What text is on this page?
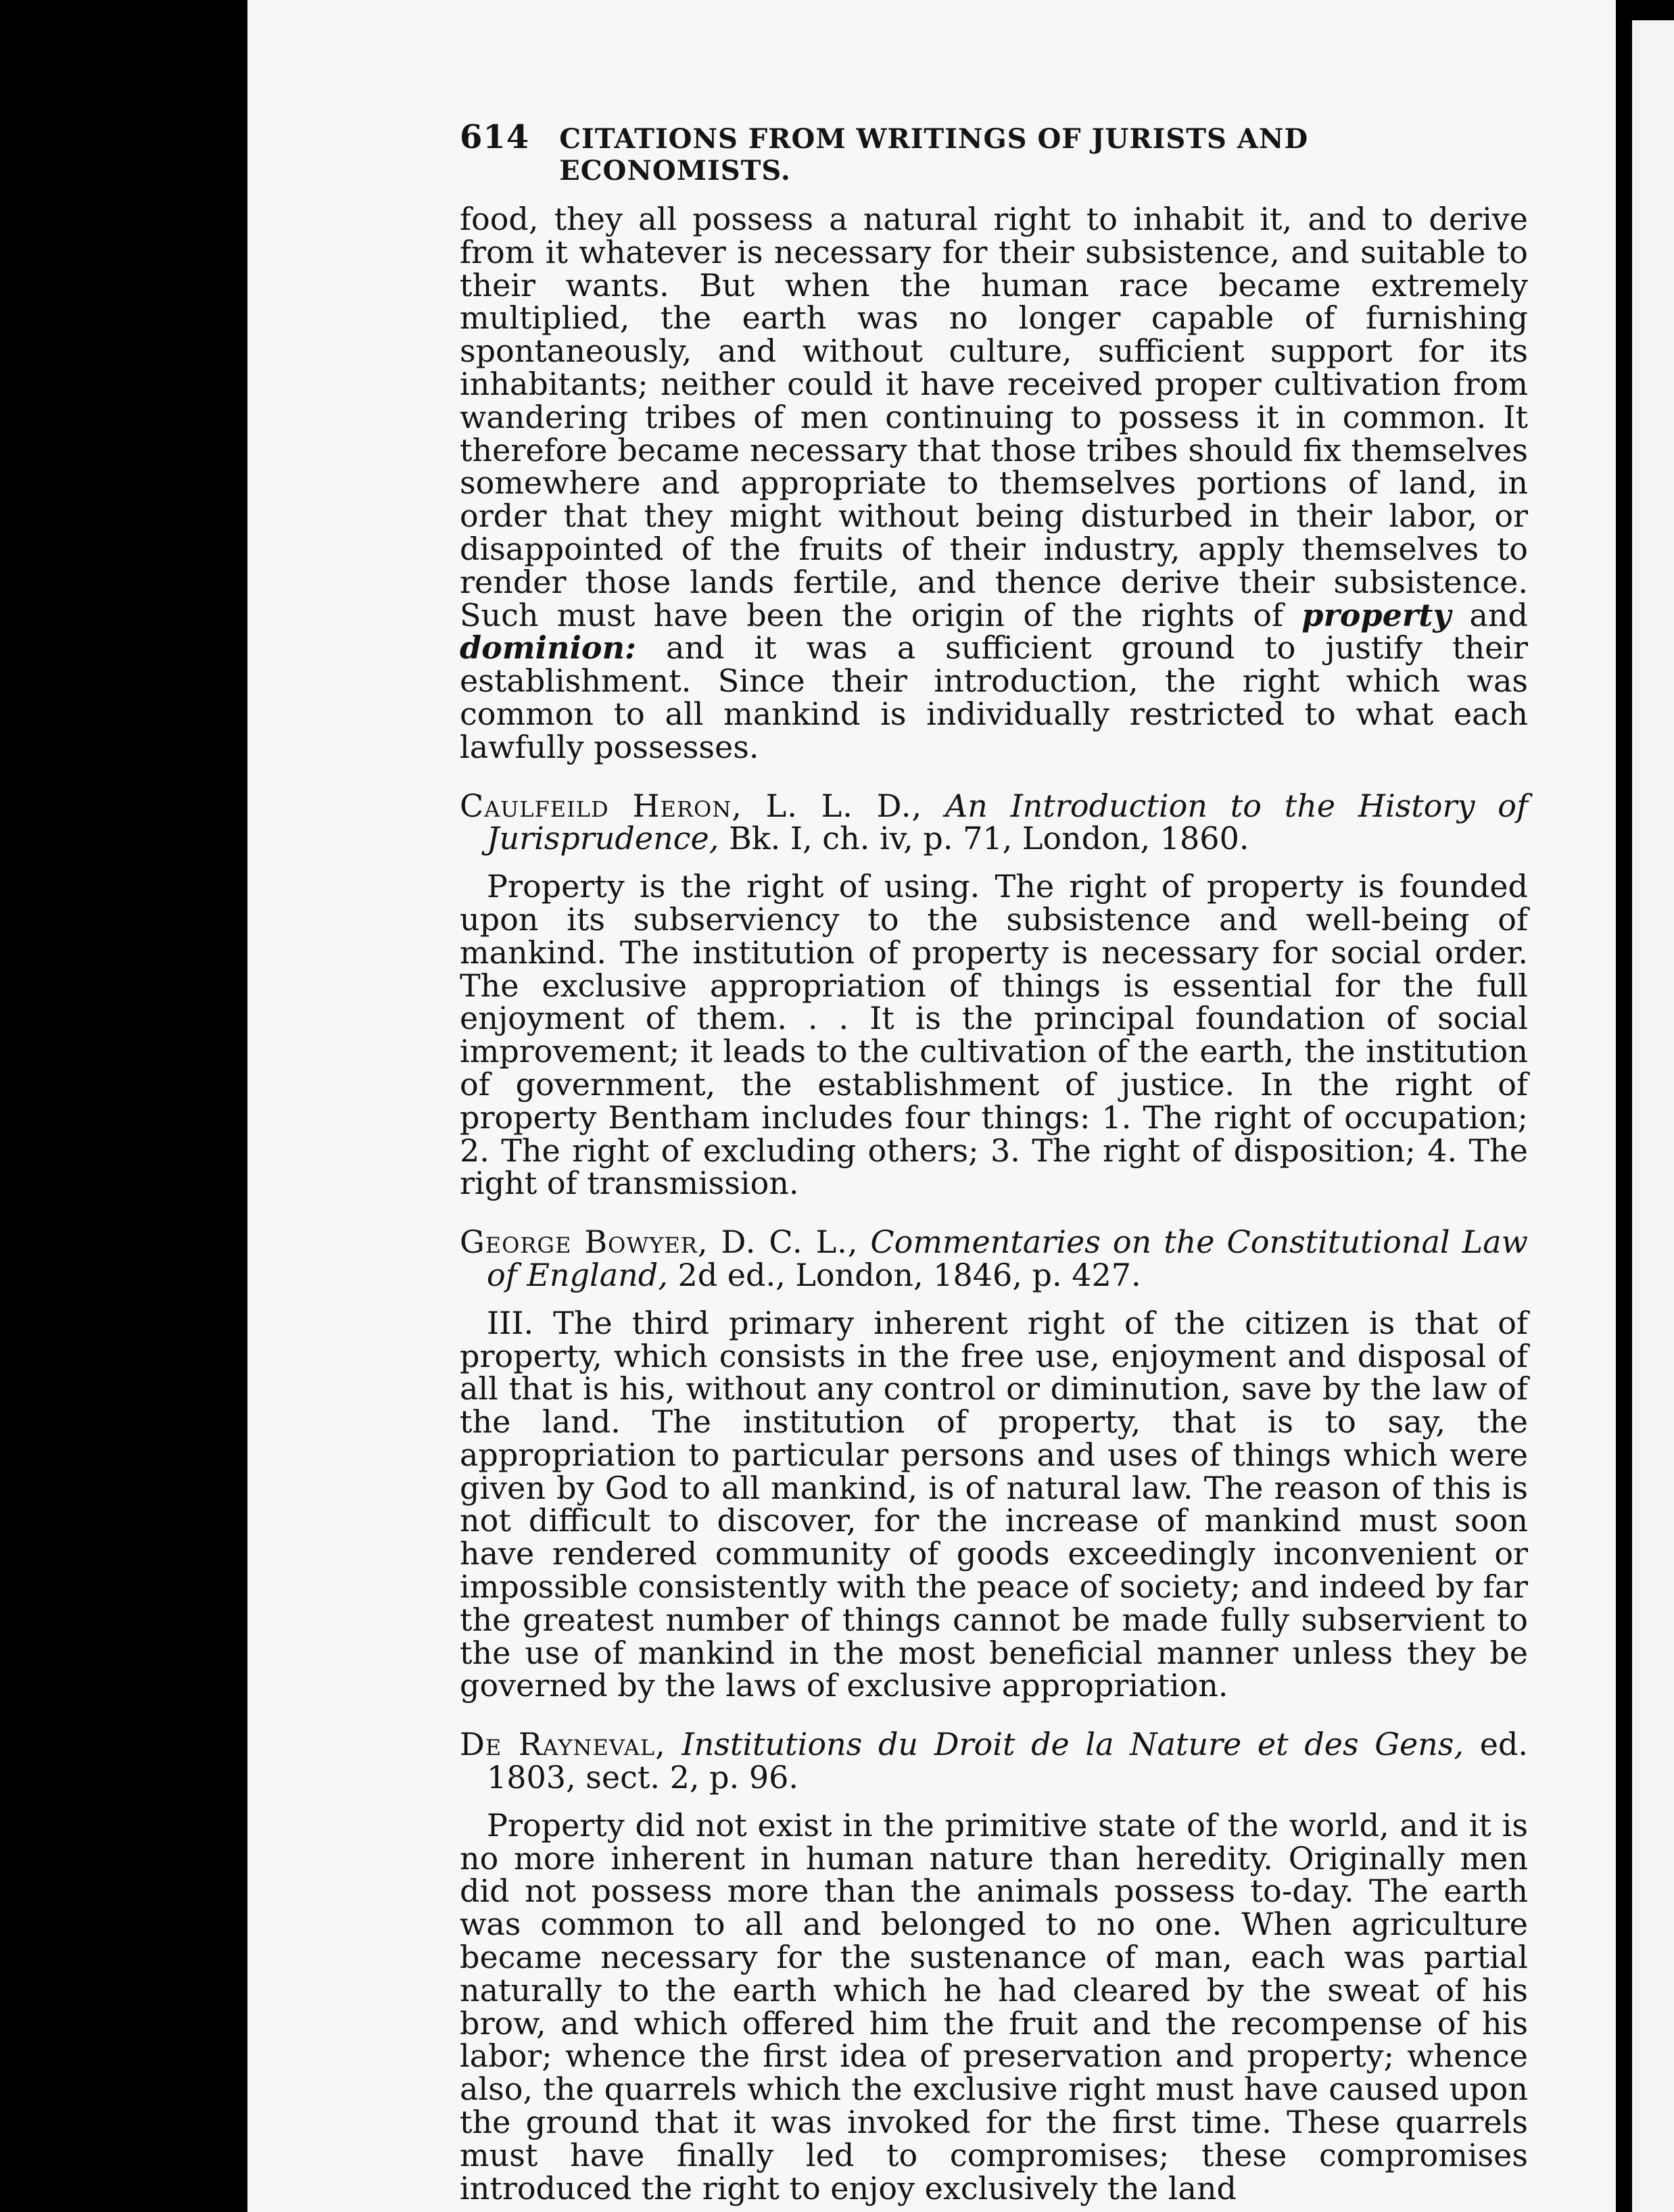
614 CITATIONS FROM WRITINGS OF JURISTS AND ECONOMISTS.

food, they all possess a natural right to inhabit it, and to derive from it whatever is necessary for their subsistence, and suitable to their wants. But when the human race became extremely multiplied, the earth was no longer capable of furnishing spontaneously, and without culture, sufficient support for its inhabitants; neither could it have received proper cultivation from wandering tribes of men continuing to possess it in common. It therefore became necessary that those tribes should fix themselves somewhere and appropriate to themselves portions of land, in order that they might without being disturbed in their labor, or disappointed of the fruits of their industry, apply themselves to render those lands fertile, and thence derive their subsistence. Such must have been the origin of the rights of property and dominion: and it was a sufficient ground to justify their establishment. Since their introduction, the right which was common to all mankind is individually restricted to what each lawfully possesses.

Caulfeild Heron, L. L. D., An Introduction to the History of Jurisprudence, Bk. I, ch. iv, p. 71, London, 1860.

Property is the right of using. The right of property is founded upon its subserviency to the subsistence and well-being of mankind. The institution of property is necessary for social order. The exclusive appropriation of things is essential for the full enjoyment of them. . . It is the principal foundation of social improvement; it leads to the cultivation of the earth, the institution of government, the establishment of justice. In the right of property Bentham includes four things: 1. The right of occupation; 2. The right of excluding others; 3. The right of disposition; 4. The right of transmission.

George Bowyer, D. C. L., Commentaries on the Constitutional Law of England, 2d ed., London, 1846, p. 427.

III. The third primary inherent right of the citizen is that of property, which consists in the free use, enjoyment and disposal of all that is his, without any control or diminution, save by the law of the land. The institution of property, that is to say, the appropriation to particular persons and uses of things which were given by God to all mankind, is of natural law. The reason of this is not difficult to discover, for the increase of mankind must soon have rendered community of goods exceedingly inconvenient or impossible consistently with the peace of society; and indeed by far the greatest number of things cannot be made fully subservient to the use of mankind in the most beneficial manner unless they be governed by the laws of exclusive appropriation.

De Rayneval, Institutions du Droit de la Nature et des Gens, ed. 1803, sect. 2, p. 96.

Property did not exist in the primitive state of the world, and it is no more inherent in human nature than heredity. Originally men did not possess more than the animals possess to-day. The earth was common to all and belonged to no one. When agriculture became necessary for the sustenance of man, each was partial naturally to the earth which he had cleared by the sweat of his brow, and which offered him the fruit and the recompense of his labor; whence the first idea of preservation and property; whence also, the quarrels which the exclusive right must have caused upon the ground that it was invoked for the first time. These quarrels must have finally led to compromises; these compromises introduced the right to enjoy exclusively the land
